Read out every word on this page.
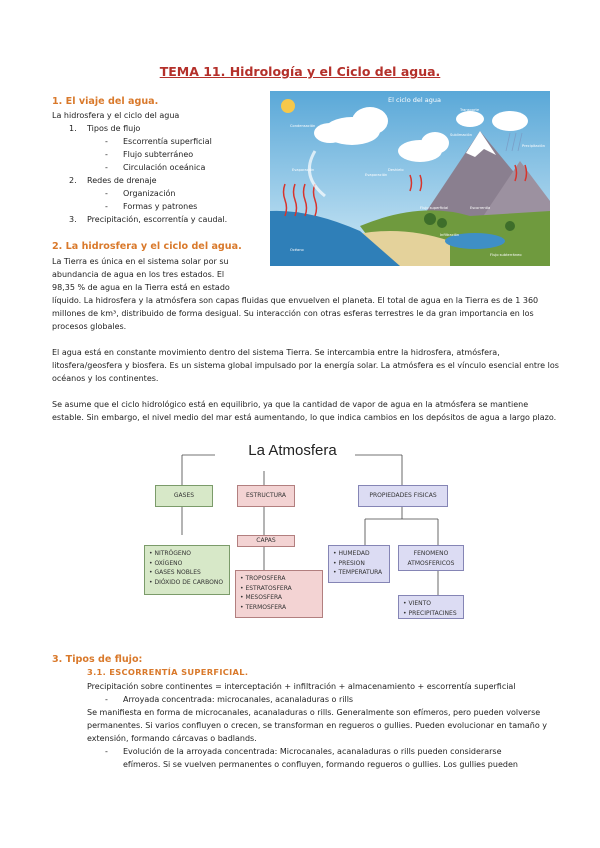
TEMA 11. Hidrología y el Ciclo del agua.
1. El viaje del agua.
La hidrosfera y el ciclo del agua
1. Tipos de flujo
- Escorrentía superficial
- Flujo subterráneo
- Circulación oceánica
2. Redes de drenaje
- Organización
- Formas y patrones
3. Precipitación, escorrentía y caudal.
El ciclo del agua
Condensación
Transporte
Precipitación
Evaporación
Sublimación
Deshielo
Evaporación
Flujo superficial	Escorrentía
Infiltración
Flujo subterráneo
Océano
2. La hidrosfera y el ciclo del agua.
La Tierra es única en el sistema solar por su
abundancia de agua en los tres estados. El
98,35 % de agua en la Tierra está en estado
líquido. La hidrosfera y la atmósfera son capas fluidas que envuelven el planeta. El total de agua en la Tierra es de 1 360 millones de km³, distribuido de forma desigual. Su interacción con otras esferas terrestres le da gran importancia en los procesos globales.
El agua está en constante movimiento dentro del sistema Tierra. Se intercambia entre la hidrosfera, atmósfera, litosfera/geosfera y biosfera. Es un sistema global impulsado por la energía solar. La atmósfera es el vínculo esencial entre los océanos y los continentes.
Se asume que el ciclo hidrológico está en equilibrio, ya que la cantidad de vapor de agua en la atmósfera se mantiene estable. Sin embargo, el nivel medio del mar está aumentando, lo que indica cambios en los depósitos de agua a largo plazo.
La Atmosfera
GASES	ESTRUCTURA	PROPIEDADES FISICAS
CAPAS
• NITRÓGENO
• OXÍGENO
• GASES NOBLES
• DIÓXIDO DE CARBONO	• TROPOSFERA
• ESTRATOSFERA
• MESOSFERA
• TERMOSFERA
• HUMEDAD
• PRESION
• TEMPERATURA
FENOMENO ATMOSFERICOS
• VIENTO
• PRECIPITACINES
3. Tipos de flujo:
3.1. ESCORRENTÍA SUPERFICIAL.
Precipitación sobre continentes = interceptación + infiltración + almacenamiento + escorrentía superficial
- Arroyada concentrada: microcanales, acanaladuras o rills
Se manifiesta en forma de microcanales, acanaladuras o rills. Generalmente son efímeros, pero pueden volverse permanentes. Si varios confluyen o crecen, se transforman en regueros o gullies. Pueden evolucionar en tamaño y extensión, formando cárcavas o badlands.
- Evolución de la arroyada concentrada: Microcanales, acanaladuras o rills pueden considerarse
efímeros. Si se vuelven permanentes o confluyen, formando regueros o gullies. Los gullies pueden
